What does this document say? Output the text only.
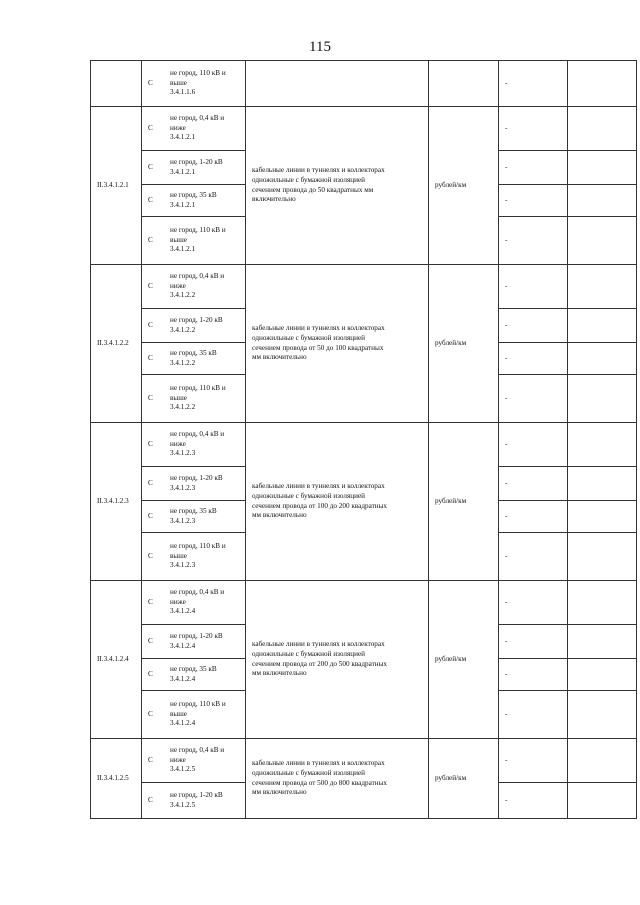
115

	С
не город, 110 кВ и
выше
3.4.1.1.6			-	
II.3.4.1.2.1	С
не город, 0,4 кВ и
ниже
3.4.1.2.1	кабельные линии в туннелях и коллекторах
одножильные с бумажной изоляцией
сечением провода до 50 квадратных мм
включительно	рублей/км	-	

	С
не город, 1-20 кВ
3.4.1.2.1			-	

	С
не город, 35 кВ
3.4.1.2.1			-	

	С
не город, 110 кВ и
выше
3.4.1.2.1			-	
II.3.4.1.2.2	С
не город, 0,4 кВ и
ниже
3.4.1.2.2	кабельные линии в туннелях и коллекторах
одножильные с бумажной изоляцией
сечением провода от 50 до 100 квадратных
мм включительно	рублей/км	-	

	С
не город, 1-20 кВ
3.4.1.2.2			-	

	С
не город, 35 кВ
3.4.1.2.2			-	

	С
не город, 110 кВ и
выше
3.4.1.2.2			-	
II.3.4.1.2.3	С
не город, 0,4 кВ и
ниже
3.4.1.2.3	кабельные линии в туннелях и коллекторах
одножильные с бумажной изоляцией
сечением провода от 100 до 200 квадратных
мм включительно	рублей/км	-	

	С
не город, 1-20 кВ
3.4.1.2.3			-	

	С
не город, 35 кВ
3.4.1.2.3			-	

	С
не город, 110 кВ и
выше
3.4.1.2.3			-	
II.3.4.1.2.4	С
не город, 0,4 кВ и
ниже
3.4.1.2.4	кабельные линии в туннелях и коллекторах
одножильные с бумажной изоляцией
сечением провода от 200 до 500 квадратных
мм включительно	рублей/км	-	

	С
не город, 1-20 кВ
3.4.1.2.4			-	

	С
не город, 35 кВ
3.4.1.2.4			-	

	С
не город, 110 кВ и
выше
3.4.1.2.4			-	
II.3.4.1.2.5	С
не город, 0,4 кВ и
ниже
3.4.1.2.5	кабельные линии в туннелях и коллекторах
одножильные с бумажной изоляцией
сечением провода от 500 до 800 квадратных
мм включительно	рублей/км	-	

	С
не город, 1-20 кВ
3.4.1.2.5			-	
